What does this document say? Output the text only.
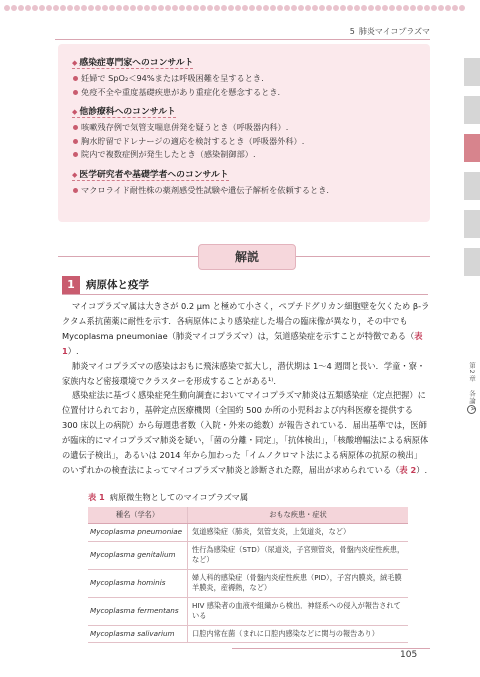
5 肺炎マイコプラズマ
第2章　各論A
◆ 感染症専門家へのコンサルト
妊婦で SpO₂＜94%または呼吸困難を呈するとき.
免疫不全や重度基礎疾患があり重症化を懸念するとき.
◆ 他診療科へのコンサルト
咳嗽残存例で気管支喘息併発を疑うとき（呼吸器内科）.
胸水貯留でドレナージの適応を検討するとき（呼吸器外科）.
院内で複数症例が発生したとき（感染制御部）.
◆ 医学研究者や基礎学者へのコンサルト
マクロライド耐性株の薬剤感受性試験や遺伝子解析を依頼するとき.
解説
1	病原体と疫学

マイコプラズマ属は大きさが 0.2 μm と極めて小さく，ペプチドグリカン細胞壁を欠くため β-ラクタム系抗菌薬に耐性を示す．各病原体により感染症した場合の臨床像が異なり，その中でも Mycoplasma pneumoniae（肺炎マイコプラズマ）は，気道感染症を示すことが特徴である（表 1）.

肺炎マイコプラズマの感染はおもに飛沫感染で拡大し，潜伏期は 1～4 週間と長い．学童・寮・家族内など密接環境でクラスターを形成することがある¹⁾.

感染症法に基づく感染症発生動向調査においてマイコプラズマ肺炎は五類感染症（定点把握）に位置付けられており，基幹定点医療機関（全国約 500 か所の小児科および内科医療を提供する 300 床以上の病院）から毎週患者数（入院・外来の総数）が報告されている．届出基準では，医師が臨床的にマイコプラズマ肺炎を疑い，「菌の分離・同定」，「抗体検出」，「核酸増幅法による病原体の遺伝子検出」，あるいは 2014 年から加わった「イムノクロマト法による病原体の抗原の検出」のいずれかの検査法によってマイコプラズマ肺炎と診断された際，届出が求められている（表 2）.

表 1 病原微生物としてのマイコプラズマ属
種名（学名）	おもな疾患・症状
Mycoplasma pneumoniae	気道感染症（肺炎，気管支炎，上気道炎，など）
Mycoplasma genitalium	性行為感染症（STD）（尿道炎，子宮頸管炎，骨盤内炎症性疾患，など）
Mycoplasma hominis	婦人科的感染症（骨盤内炎症性疾患（PID），子宮内膜炎，絨毛膜羊膜炎，産褥熱，など）
Mycoplasma fermentans	HIV 感染者の血液や組織から検出．神経系への侵入が報告されている
Mycoplasma salivarium	口腔内常在菌（まれに口腔内感染などに関与の報告あり）
105
